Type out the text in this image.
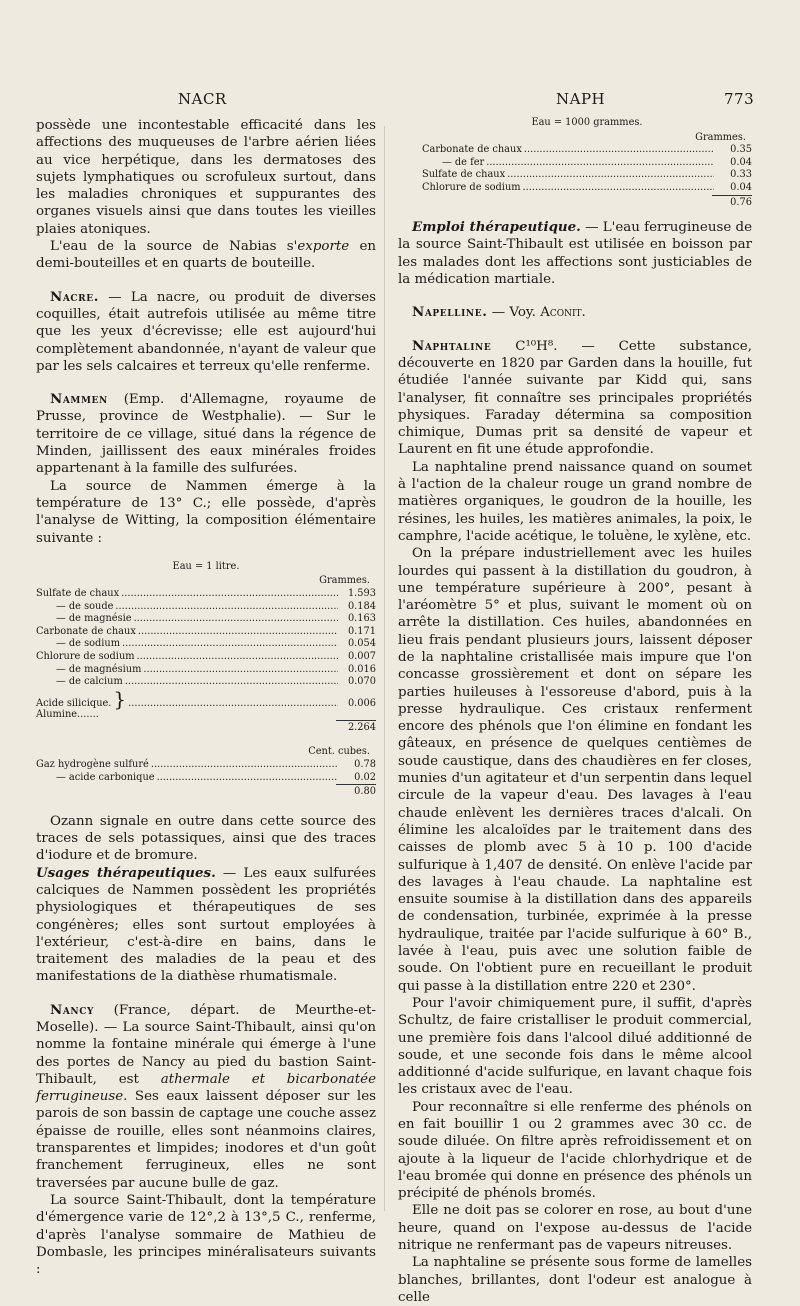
NACR	NAPH	773

possède une incontestable efficacité dans les affections des muqueuses de l'arbre aérien liées au vice herpétique, dans les dermatoses des sujets lymphatiques ou scrofuleux surtout, dans les maladies chroniques et suppurantes des organes visuels ainsi que dans toutes les vieilles plaies atoniques.

L'eau de la source de Nabias s'exporte en demi-bouteilles et en quarts de bouteille.

Nacre. — La nacre, ou produit de diverses coquilles, était autrefois utilisée au même titre que les yeux d'écrevisse; elle est aujourd'hui complètement abandonnée, n'ayant de valeur que par les sels calcaires et terreux qu'elle renferme.

Nammen (Emp. d'Allemagne, royaume de Prusse, province de Westphalie). — Sur le territoire de ce village, situé dans la régence de Minden, jaillissent des eaux minérales froides appartenant à la famille des sulfurées.

La source de Nammen émerge à la température de 13° C.; elle possède, d'après l'analyse de Witting, la composition élémentaire suivante :

Eau = 1 litre.
Grammes.
Sulfate de chaux .....	1.593
— de soude .....	0.184
— de magnésie .....	0.163
Carbonate de chaux .....	0.171
— de sodium .....	0.054
Chlorure de sodium .....	0.007
— de magnésium .....	0.016
— de calcium .....	0.070
Acide silicique.
Alumine.......
} .....	0.006
2.264
Cent. cubes.
Gaz hydrogène sulfuré .....	0.78
— acide carbonique .....	0.02
0.80

Ozann signale en outre dans cette source des traces de sels potassiques, ainsi que des traces d'iodure et de bromure.

Usages thérapeutiques. — Les eaux sulfurées calciques de Nammen possèdent les propriétés physiologiques et thérapeutiques de ses congénères; elles sont surtout employées à l'extérieur, c'est-à-dire en bains, dans le traitement des maladies de la peau et des manifestations de la diathèse rhumatismale.

Nancy (France, départ. de Meurthe-et-Moselle). — La source Saint-Thibault, ainsi qu'on nomme la fontaine minérale qui émerge à l'une des portes de Nancy au pied du bastion Saint-Thibault, est athermale et bicarbonatée ferrugineuse. Ses eaux laissent déposer sur les parois de son bassin de captage une couche assez épaisse de rouille, elles sont néanmoins claires, transparentes et limpides; inodores et d'un goût franchement ferrugineux, elles ne sont traversées par aucune bulle de gaz.

La source Saint-Thibault, dont la température d'émergence varie de 12°,2 à 13°,5 C., renferme, d'après l'analyse sommaire de Mathieu de Dombasle, les principes minéralisateurs suivants :

Eau = 1000 grammes.
Grammes.
Carbonate de chaux .....	0.35
— de fer .....	0.04
Sulfate de chaux .....	0.33
Chlorure de sodium .....	0.04
0.76

Emploi thérapeutique. — L'eau ferrugineuse de la source Saint-Thibault est utilisée en boisson par les malades dont les affections sont justiciables de la médication martiale.

Napelline. — Voy. Aconit.

Naphtaline C¹⁰H⁸. — Cette substance, découverte en 1820 par Garden dans la houille, fut étudiée l'année suivante par Kidd qui, sans l'analyser, fit connaître ses principales propriétés physiques. Faraday détermina sa composition chimique, Dumas prit sa densité de vapeur et Laurent en fit une étude approfondie.

La naphtaline prend naissance quand on soumet à l'action de la chaleur rouge un grand nombre de matières organiques, le goudron de la houille, les résines, les huiles, les matières animales, la poix, le camphre, l'acide acétique, le toluène, le xylène, etc.

On la prépare industriellement avec les huiles lourdes qui passent à la distillation du goudron, à une température supérieure à 200°, pesant à l'aréomètre 5° et plus, suivant le moment où on arrête la distillation. Ces huiles, abandonnées en lieu frais pendant plusieurs jours, laissent déposer de la naphtaline cristallisée mais impure que l'on concasse grossièrement et dont on sépare les parties huileuses à l'essoreuse d'abord, puis à la presse hydraulique. Ces cristaux renferment encore des phénols que l'on élimine en fondant les gâteaux, en présence de quelques centièmes de soude caustique, dans des chaudières en fer closes, munies d'un agitateur et d'un serpentin dans lequel circule de la vapeur d'eau. Des lavages à l'eau chaude enlèvent les dernières traces d'alcali. On élimine les alcaloïdes par le traitement dans des caisses de plomb avec 5 à 10 p. 100 d'acide sulfurique à 1,407 de densité. On enlève l'acide par des lavages à l'eau chaude. La naphtaline est ensuite soumise à la distillation dans des appareils de condensation, turbinée, exprimée à la presse hydraulique, traitée par l'acide sulfurique à 60° B., lavée à l'eau, puis avec une solution faible de soude. On l'obtient pure en recueillant le produit qui passe à la distillation entre 220 et 230°.

Pour l'avoir chimiquement pure, il suffit, d'après Schultz, de faire cristalliser le produit commercial, une première fois dans l'alcool dilué additionné de soude, et une seconde fois dans le même alcool additionné d'acide sulfurique, en lavant chaque fois les cristaux avec de l'eau.

Pour reconnaître si elle renferme des phénols on en fait bouillir 1 ou 2 grammes avec 30 cc. de soude diluée. On filtre après refroidissement et on ajoute à la liqueur de l'acide chlorhydrique et de l'eau bromée qui donne en présence des phénols un précipité de phénols bromés.

Elle ne doit pas se colorer en rose, au bout d'une heure, quand on l'expose au-dessus de l'acide nitrique ne renfermant pas de vapeurs nitreuses.

La naphtaline se présente sous forme de lamelles blanches, brillantes, dont l'odeur est analogue à celle
